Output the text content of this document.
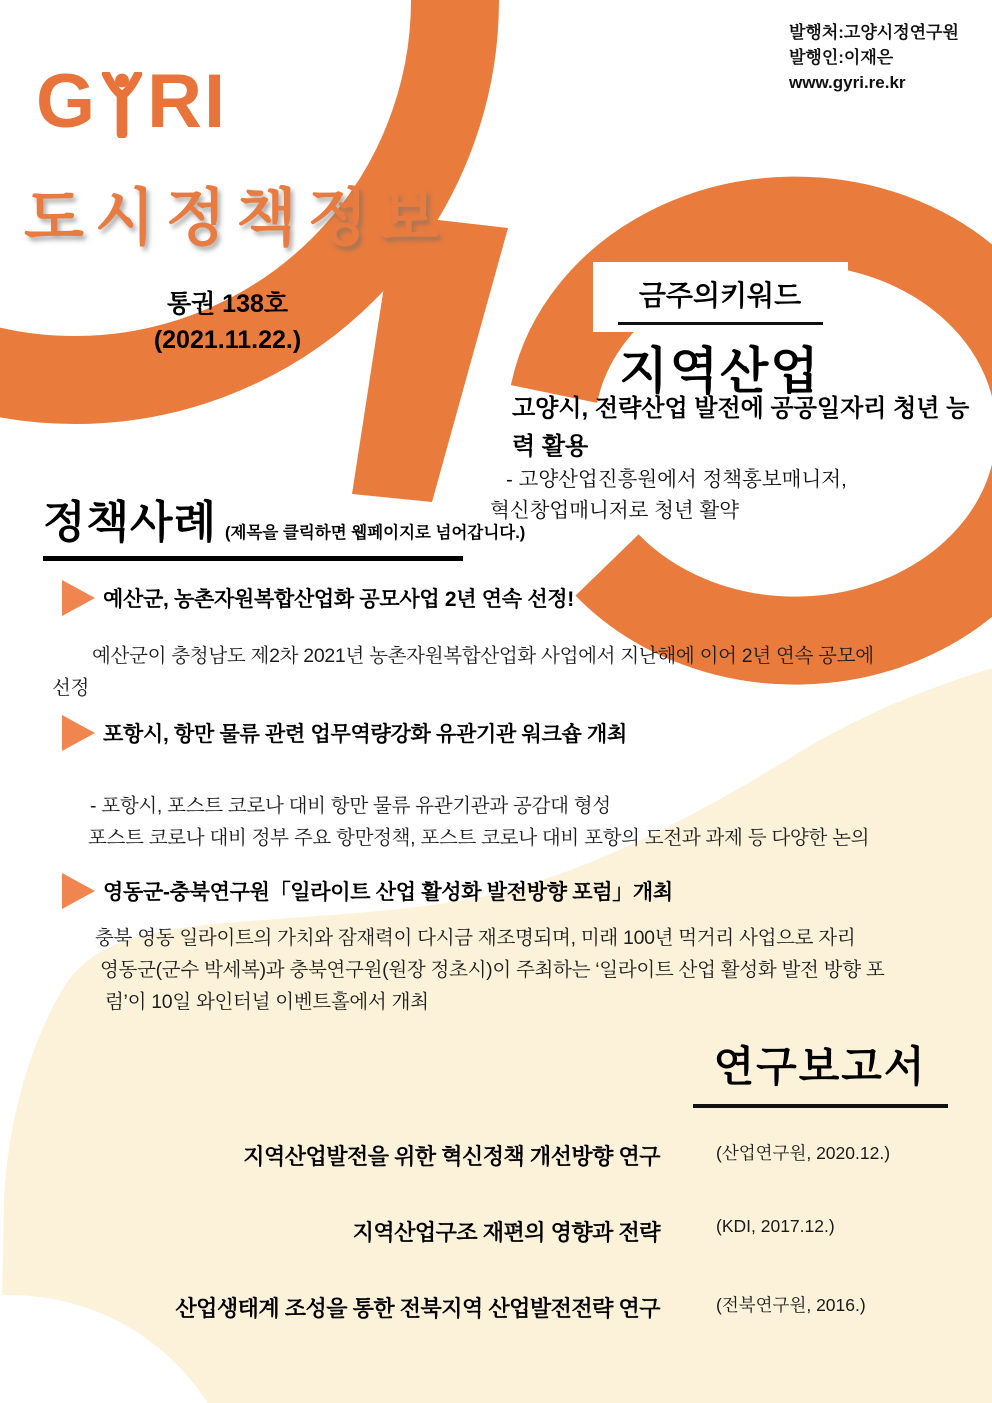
발행처:고양시정연구원
발행인:이재은
www.gyri.re.kr
G RI
도시정책정보
통권 138호
(2021.11.22.)
금주의키워드
지역산업
고양시, 전략산업 발전에 공공일자리 청년 능력 활용
- 고양산업진흥원에서 정책홍보매니저,
혁신창업매니저로 청년 활약
정책사례 (제목을 클릭하면 웹페이지로 넘어갑니다.)
예산군, 농촌자원복합산업화 공모사업 2년 연속 선정!
예산군이 충청남도 제2차 2021년 농촌자원복합산업화 사업에서 지난해에 이어 2년 연속 공모에
선정
포항시, 항만 물류 관련 업무역량강화 유관기관 워크숍 개최
- 포항시, 포스트 코로나 대비 항만 물류 유관기관과 공감대 형성
포스트 코로나 대비 정부 주요 항만정책, 포스트 코로나 대비 포항의 도전과 과제 등 다양한 논의
영동군-충북연구원「일라이트 산업 활성화 발전방향 포럼」개최
충북 영동 일라이트의 가치와 잠재력이 다시금 재조명되며, 미래 100년 먹거리 사업으로 자리
영동군(군수 박세복)과 충북연구원(원장 정초시)이 주최하는 ‘일라이트 산업 활성화 발전 방향 포
럼’이 10일 와인터널 이벤트홀에서 개최
연구보고서
지역산업발전을 위한 혁신정책 개선방향 연구	(산업연구원, 2020.12.)
지역산업구조 재편의 영향과 전략	(KDI, 2017.12.)
산업생태계 조성을 통한 전북지역 산업발전전략 연구	(전북연구원, 2016.)
